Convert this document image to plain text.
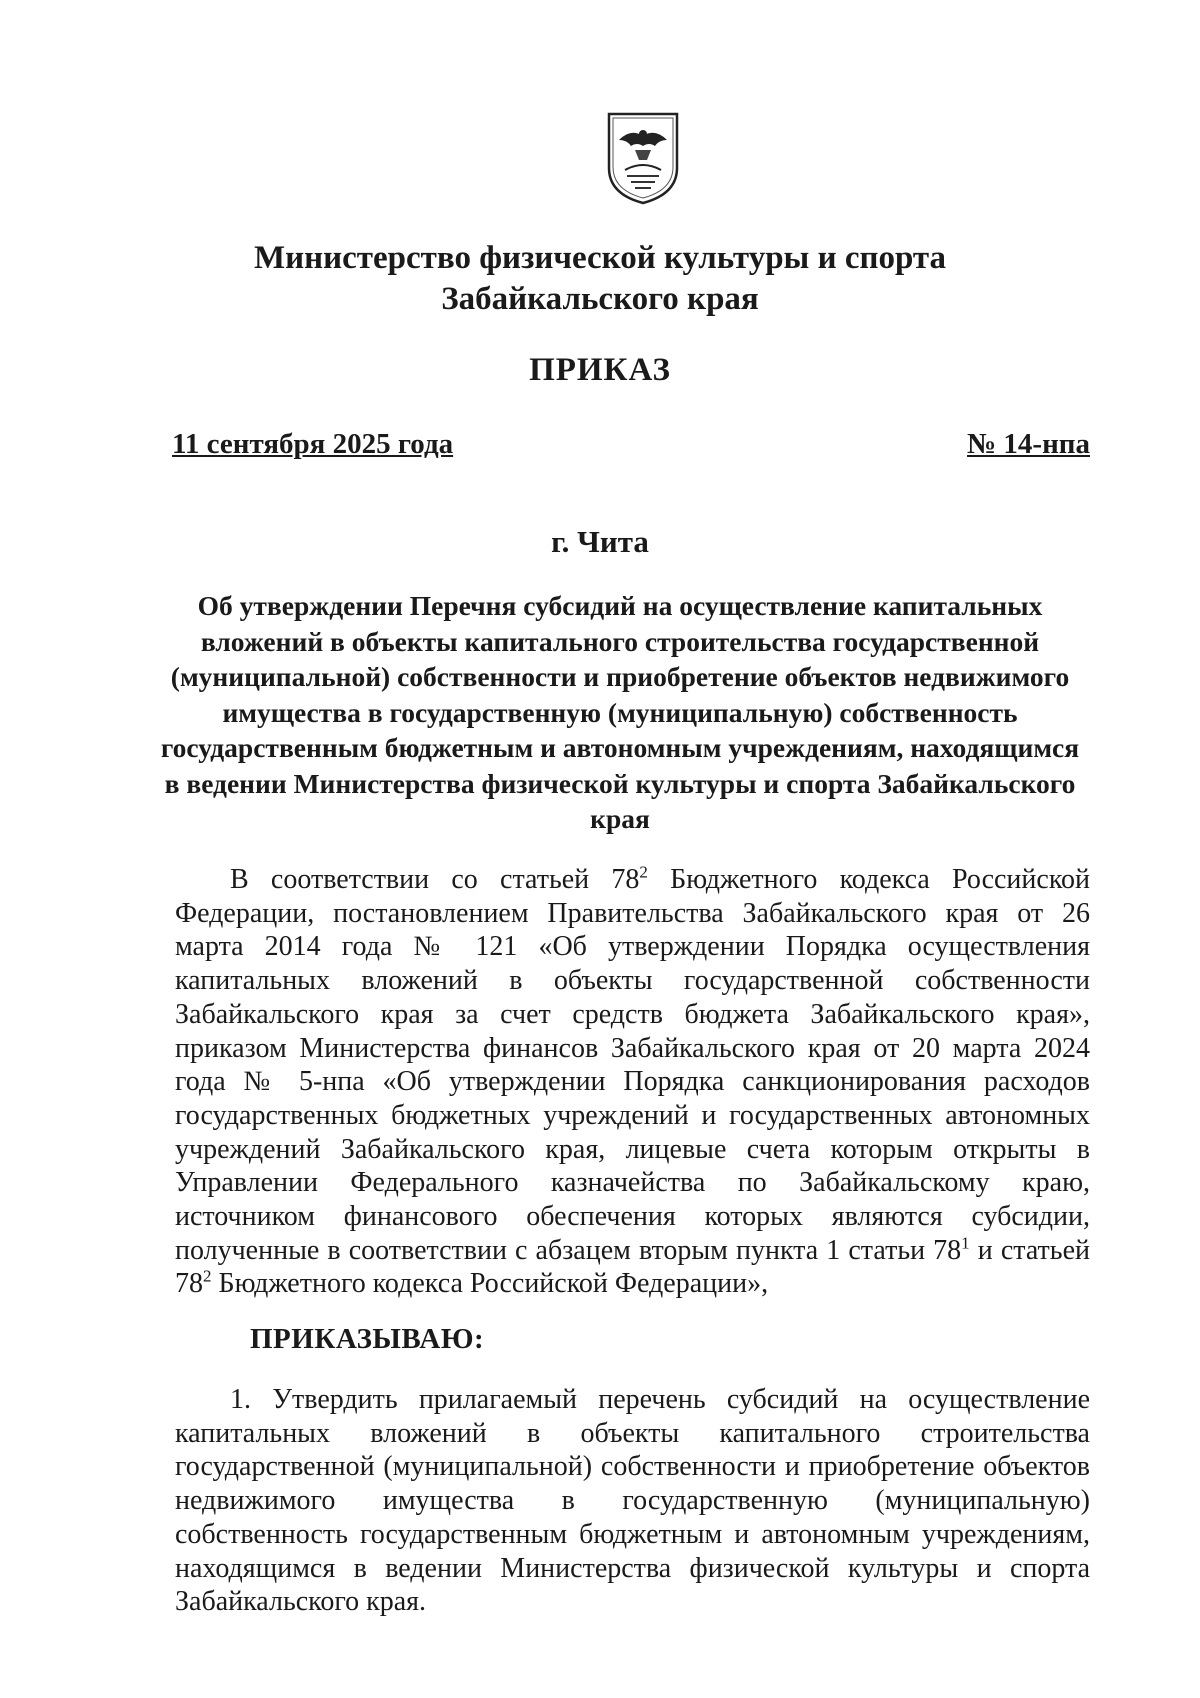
Министерство физической культуры и спорта
Забайкальского края
ПРИКАЗ
11 сентября 2025 года	№ 14-нпа
г. Чита
Об утверждении Перечня субсидий на осуществление капитальных вложений в объекты капитального строительства государственной (муниципальной) собственности и приобретение объектов недвижимого имущества в государственную (муниципальную) собственность государственным бюджетным и автономным учреждениям, находящимся в ведении Министерства физической культуры и спорта Забайкальского края

В соответствии со статьей $78^2$ Бюджетного кодекса Российской Федерации, постановлением Правительства Забайкальского края от 26 марта 2014 года № 121 «Об утверждении Порядка осуществления капитальных вложений в объекты государственной собственности Забайкальского края за счет средств бюджета Забайкальского края», приказом Министерства финансов Забайкальского края от 20 марта 2024 года № 5-нпа «Об утверждении Порядка санкционирования расходов государственных бюджетных учреждений и государственных автономных учреждений Забайкальского края, лицевые счета которым открыты в Управлении Федерального казначейства по Забайкальскому краю, источником финансового обеспечения которых являются субсидии, полученные в соответствии с абзацем вторым пункта 1 статьи $78^1$ и статьей $78^2$ Бюджетного кодекса Российской Федерации»,

ПРИКАЗЫВАЮ:

1. Утвердить прилагаемый перечень субсидий на осуществление капитальных вложений в объекты капитального строительства государственной (муниципальной) собственности и приобретение объектов недвижимого имущества в государственную (муниципальную) собственность государственным бюджетным и автономным учреждениям, находящимся в ведении Министерства физической культуры и спорта Забайкальского края.
